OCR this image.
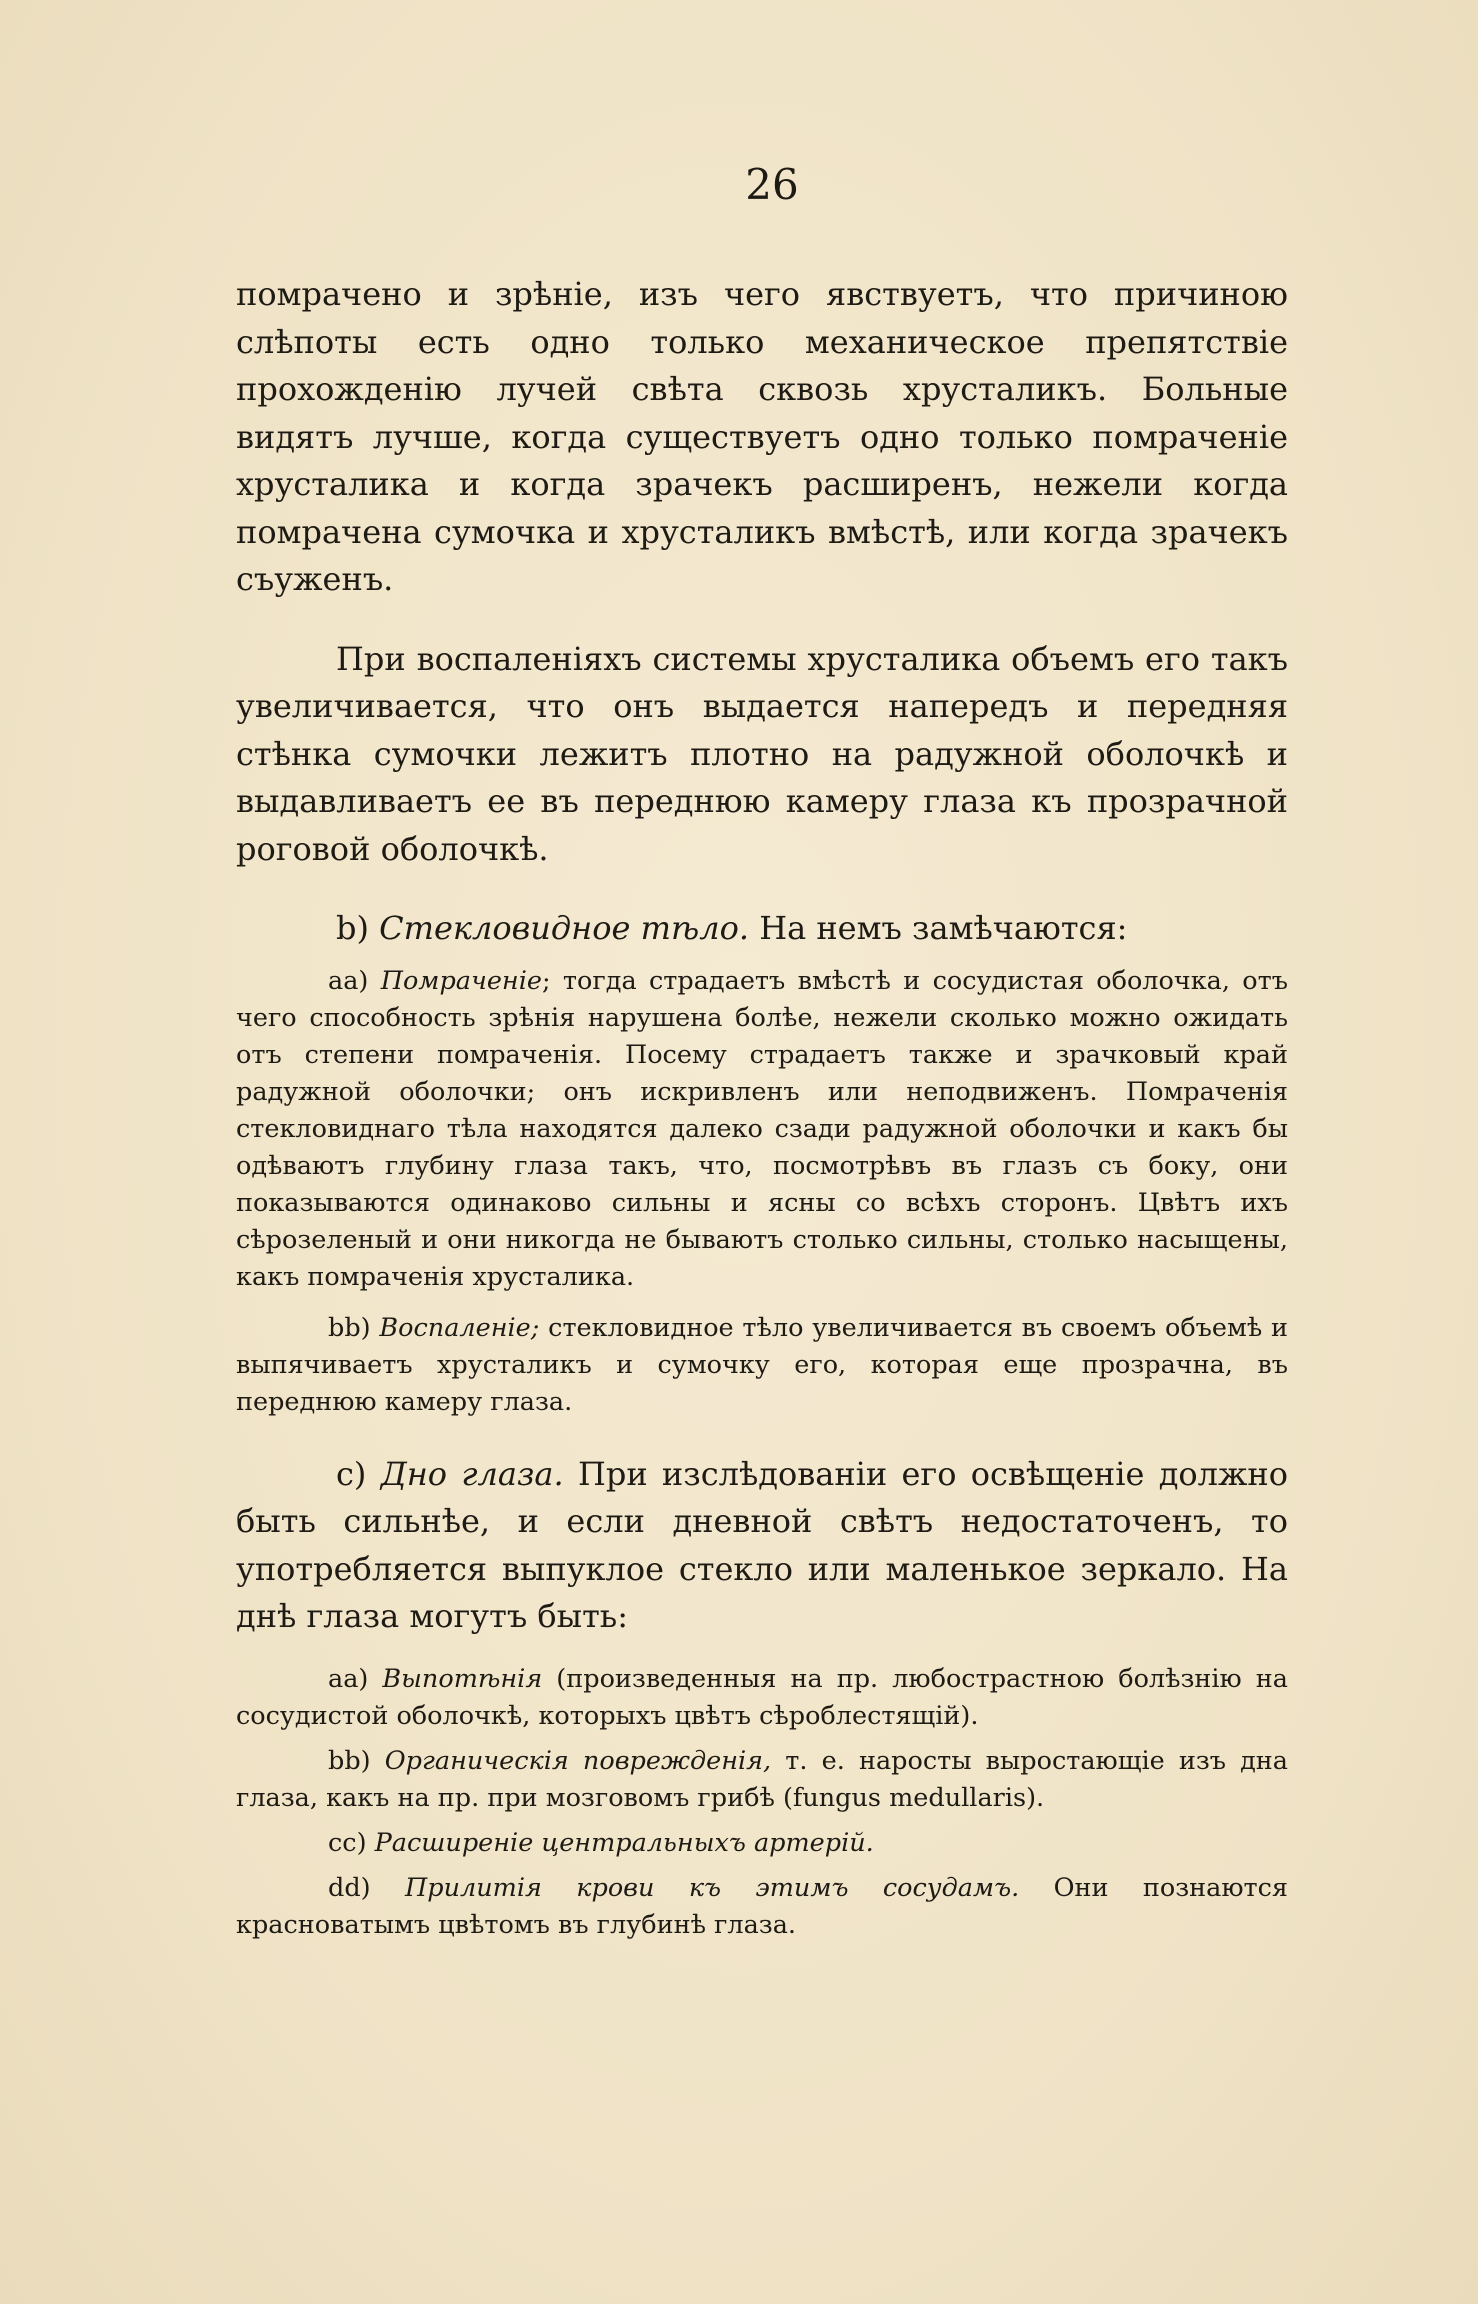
26

помрачено и зрѣніе, изъ чего явствуетъ, что причиною слѣпоты есть одно только механическое препятствіе прохожденію лучей свѣта сквозь хрусталикъ. Больные видятъ лучше, когда существуетъ одно только помраченіе хрусталика и когда зрачекъ расширенъ, нежели когда помрачена сумочка и хрусталикъ вмѣстѣ, или когда зрачекъ съуженъ.

При воспаленіяхъ системы хрусталика объемъ его такъ увеличивается, что онъ выдается напередъ и передняя стѣнка сумочки лежитъ плотно на радужной оболочкѣ и выдавливаетъ ее въ переднюю камеру глаза къ прозрачной роговой оболочкѣ.

b) Стекловидное тѣло. На немъ замѣчаются:

aa) Помраченіе; тогда страдаетъ вмѣстѣ и сосудистая оболочка, отъ чего способность зрѣнія нарушена болѣе, нежели сколько можно ожидать отъ степени помраченія. Посему страдаетъ также и зрачковый край радужной оболочки; онъ искривленъ или неподвиженъ. Помраченія стекловиднаго тѣла находятся далеко сзади радужной оболочки и какъ бы одѣваютъ глубину глаза такъ, что, посмотрѣвъ въ глазъ съ боку, они показываются одинаково сильны и ясны со всѣхъ сторонъ. Цвѣтъ ихъ сѣрозеленый и они никогда не бываютъ столько сильны, столько насыщены, какъ помраченія хрусталика.

bb) Воспаленіе; стекловидное тѣло увеличивается въ своемъ объемѣ и выпячиваетъ хрусталикъ и сумочку его, которая еще прозрачна, въ переднюю камеру глаза.

c) Дно глаза. При изслѣдованіи его освѣщеніе должно быть сильнѣе, и если дневной свѣтъ недостаточенъ, то употребляется выпуклое стекло или маленькое зеркало. На днѣ глаза могутъ быть:

aa) Выпотѣнія (произведенныя на пр. любострастною болѣзнію на сосудистой оболочкѣ, которыхъ цвѣтъ сѣроблестящій).

bb) Органическія поврежденія, т. е. наросты выростающіе изъ дна глаза, какъ на пр. при мозговомъ грибѣ (fungus medullaris).

cc) Расширеніе центральныхъ артерій.

dd) Прилитія крови къ этимъ сосудамъ. Они познаются красноватымъ цвѣтомъ въ глубинѣ глаза.
